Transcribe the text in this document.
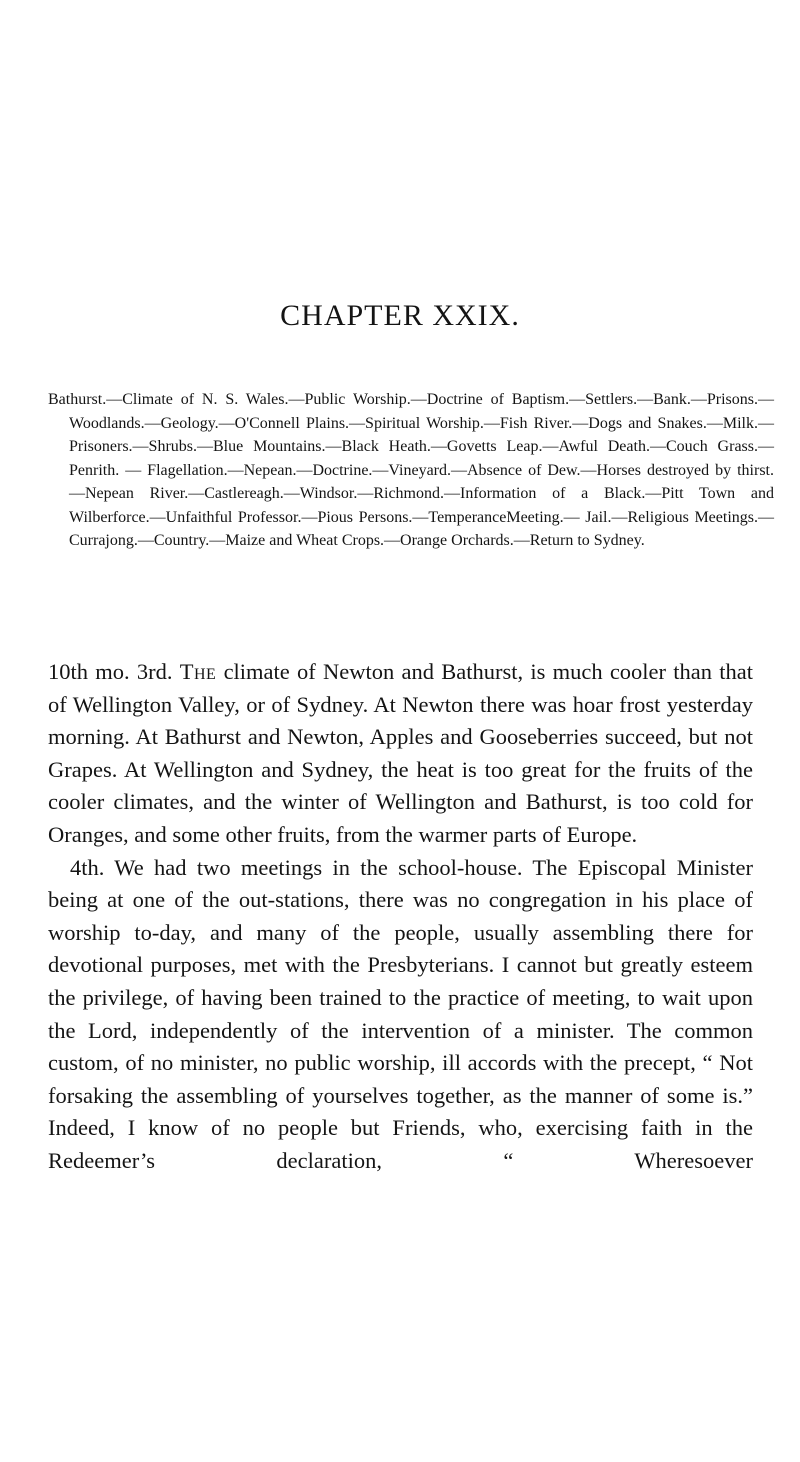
CHAPTER XXIX.

Bathurst.—Climate of N. S. Wales.—Public Worship.—Doctrine of Baptism.—Settlers.—Bank.—Prisons.—Woodlands.—Geology.—O'Connell Plains.—Spiritual Worship.—Fish River.—Dogs and Snakes.—Milk.—Prisoners.—Shrubs.—Blue Mountains.—Black Heath.—Govetts Leap.—Awful Death.—Couch Grass.— Penrith. — Flagellation.—Nepean.—Doctrine.—Vineyard.—Absence of Dew.—Horses destroyed by thirst.—Nepean River.—Castlereagh.—Windsor.—Richmond.—Information of a Black.—Pitt Town and Wilberforce.—Unfaithful Professor.—Pious Persons.—TemperanceMeeting.— Jail.—Religious Meetings.—Currajong.—Country.—Maize and Wheat Crops.—Orange Orchards.—Return to Sydney.

10th mo. 3rd. The climate of Newton and Bathurst, is much cooler than that of Wellington Valley, or of Sydney. At Newton there was hoar frost yesterday morning. At Bathurst and Newton, Apples and Gooseberries succeed, but not Grapes. At Wellington and Sydney, the heat is too great for the fruits of the cooler climates, and the winter of Wellington and Bathurst, is too cold for Oranges, and some other fruits, from the warmer parts of Europe.

4th. We had two meetings in the school-house. The Episcopal Minister being at one of the out-stations, there was no congregation in his place of worship to-day, and many of the people, usually assembling there for devotional purposes, met with the Presbyterians. I cannot but greatly esteem the privilege, of having been trained to the practice of meeting, to wait upon the Lord, independently of the intervention of a minister. The common custom, of no minister, no public worship, ill accords with the precept, “ Not forsaking the assembling of yourselves together, as the manner of some is.” Indeed, I know of no people but Friends, who, exercising faith in the Redeemer’s declaration, “ Wheresoever
